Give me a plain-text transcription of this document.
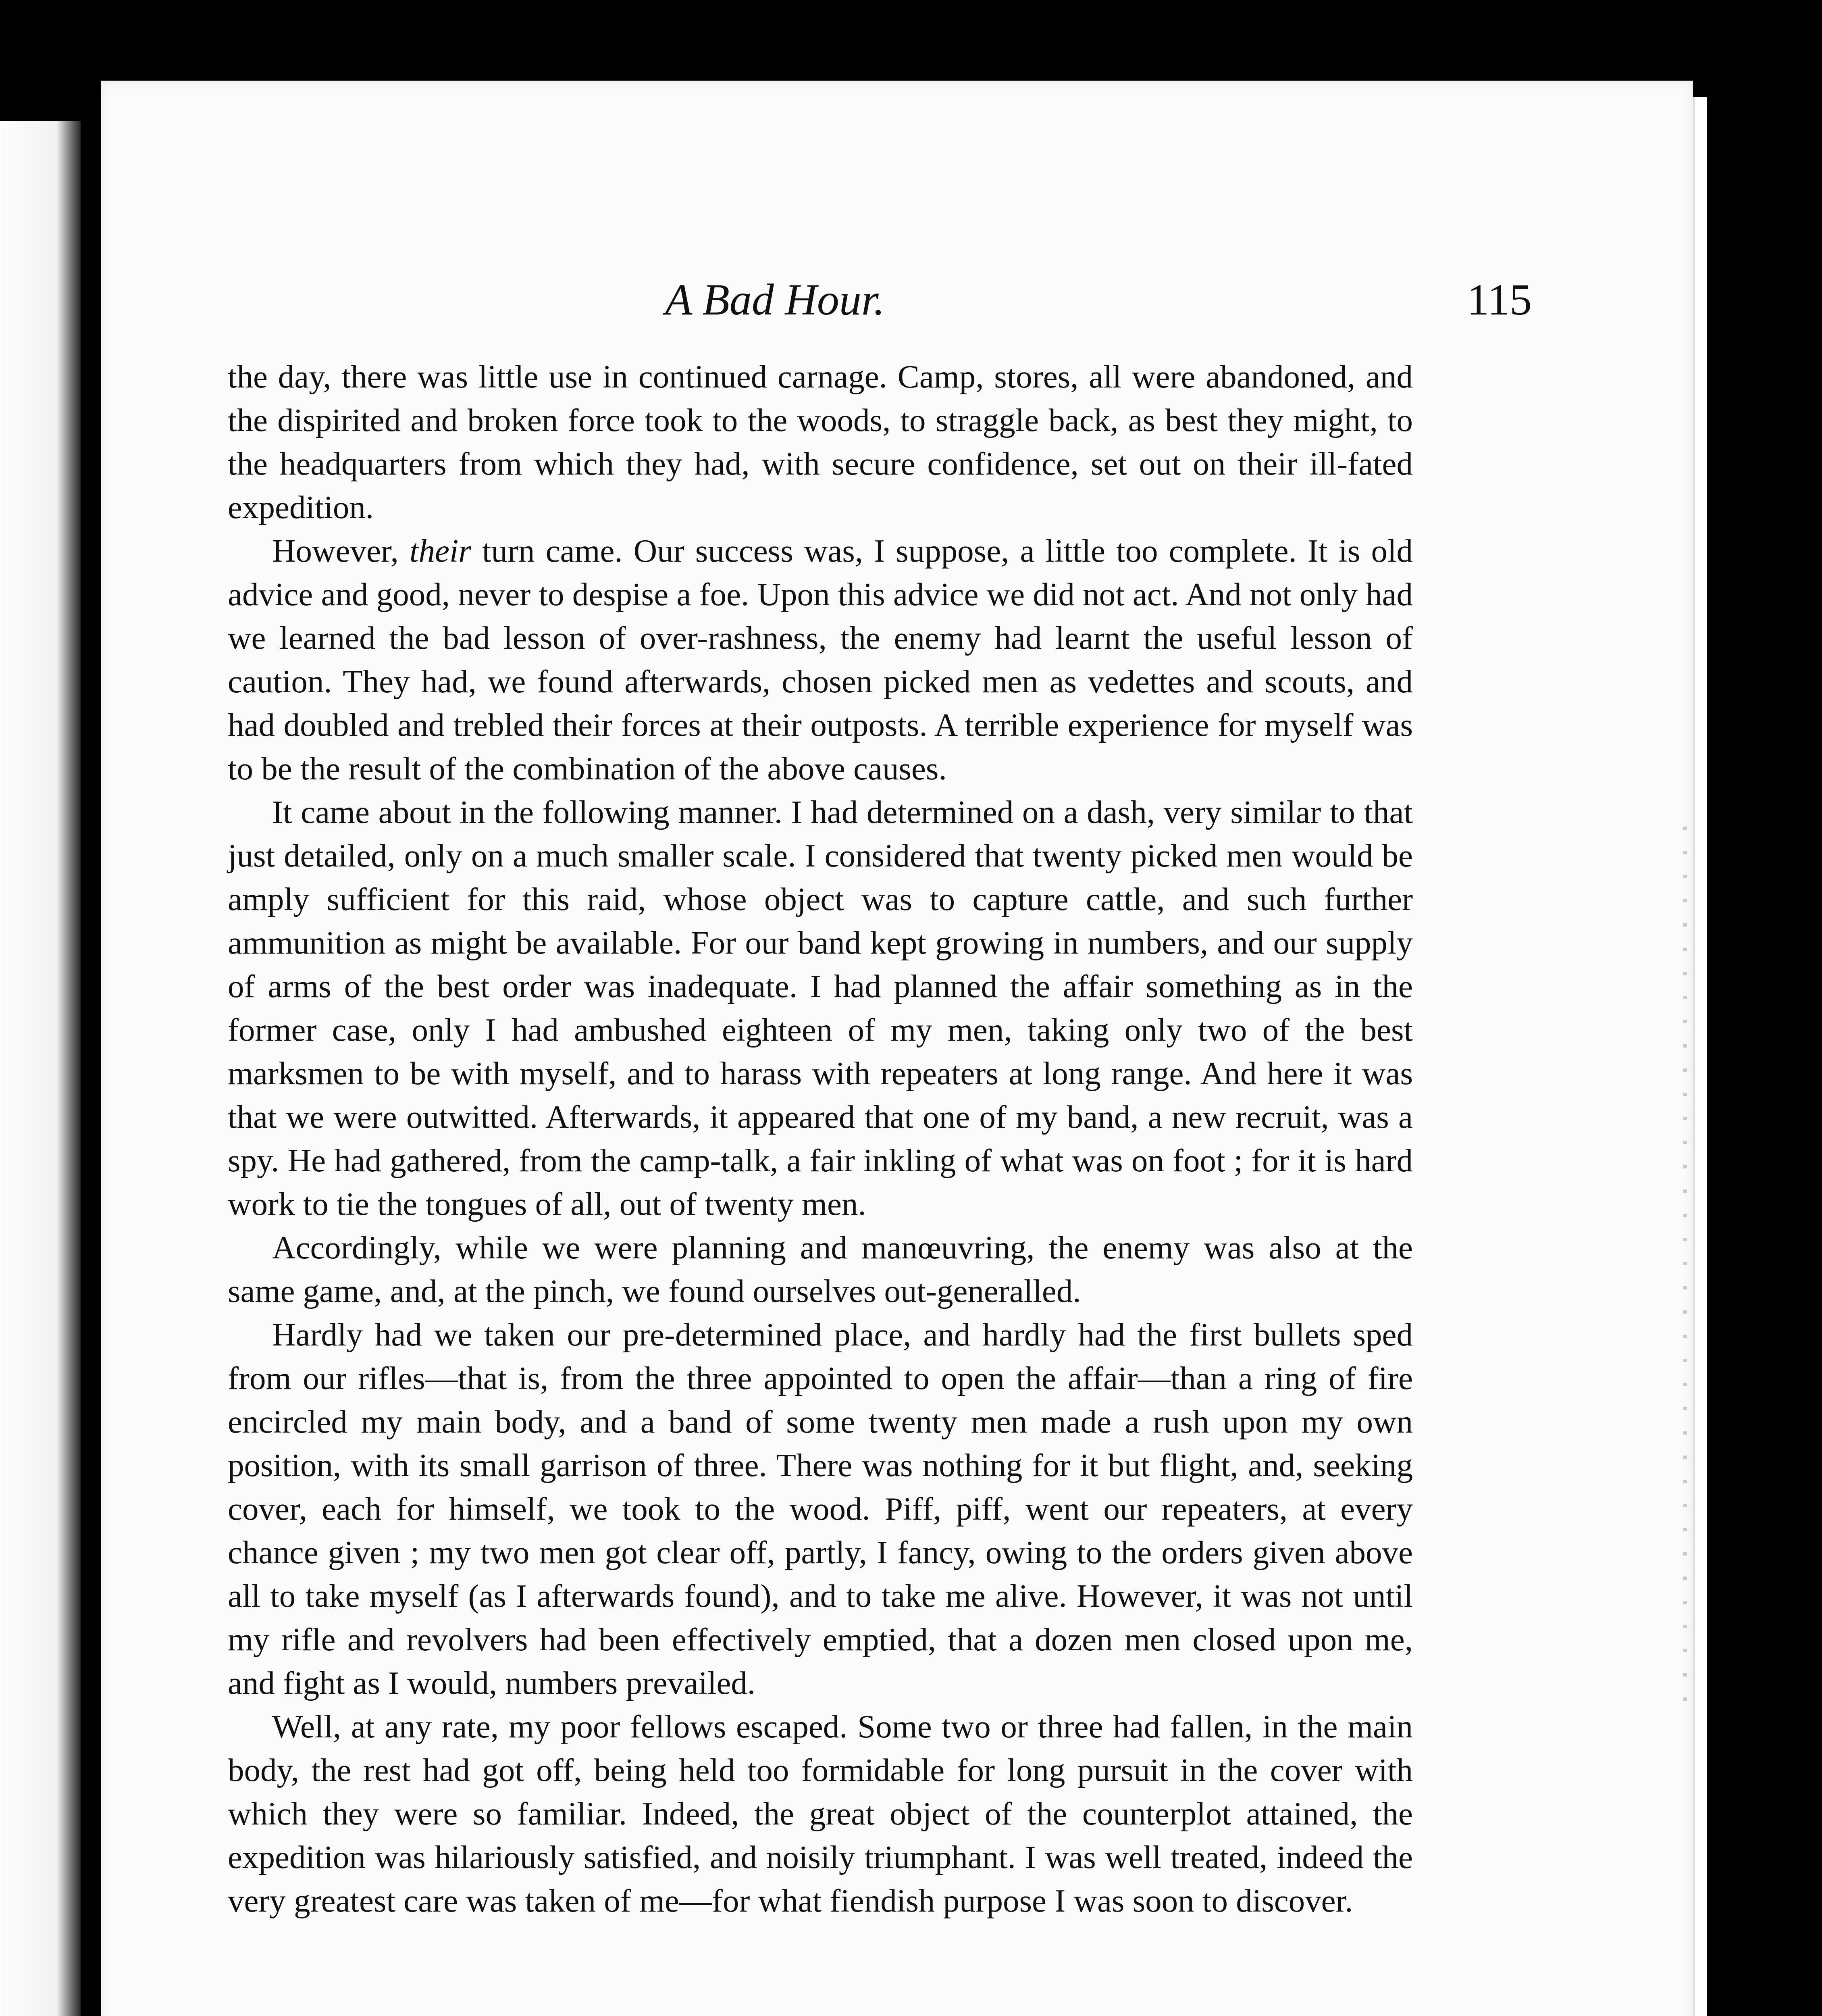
A Bad Hour.	115

the day, there was little use in continued carnage. Camp, stores, all were abandoned, and the dispirited and broken force took to the woods, to straggle back, as best they might, to the headquarters from which they had, with secure confidence, set out on their ill-fated expedition.

However, their turn came. Our success was, I suppose, a little too complete. It is old advice and good, never to despise a foe. Upon this advice we did not act. And not only had we learned the bad lesson of over-rashness, the enemy had learnt the useful lesson of caution. They had, we found afterwards, chosen picked men as vedettes and scouts, and had doubled and trebled their forces at their outposts. A terrible experience for myself was to be the result of the combination of the above causes.

It came about in the following manner. I had determined on a dash, very similar to that just detailed, only on a much smaller scale. I considered that twenty picked men would be amply sufficient for this raid, whose object was to capture cattle, and such further ammunition as might be available. For our band kept growing in numbers, and our supply of arms of the best order was inadequate. I had planned the affair something as in the former case, only I had ambushed eighteen of my men, taking only two of the best marksmen to be with myself, and to harass with repeaters at long range. And here it was that we were outwitted. Afterwards, it appeared that one of my band, a new recruit, was a spy. He had gathered, from the camp-talk, a fair inkling of what was on foot ; for it is hard work to tie the tongues of all, out of twenty men.

Accordingly, while we were planning and manœuvring, the enemy was also at the same game, and, at the pinch, we found ourselves out-generalled.

Hardly had we taken our pre-determined place, and hardly had the first bullets sped from our rifles—that is, from the three appointed to open the affair—than a ring of fire encircled my main body, and a band of some twenty men made a rush upon my own position, with its small garrison of three. There was nothing for it but flight, and, seeking cover, each for himself, we took to the wood. Piff, piff, went our repeaters, at every chance given ; my two men got clear off, partly, I fancy, owing to the orders given above all to take myself (as I afterwards found), and to take me alive. However, it was not until my rifle and revolvers had been effectively emptied, that a dozen men closed upon me, and fight as I would, numbers prevailed.

Well, at any rate, my poor fellows escaped. Some two or three had fallen, in the main body, the rest had got off, being held too formidable for long pursuit in the cover with which they were so familiar. Indeed, the great object of the counterplot attained, the expedition was hilariously satisfied, and noisily triumphant. I was well treated, indeed the very greatest care was taken of me—for what fiendish purpose I was soon to discover.
